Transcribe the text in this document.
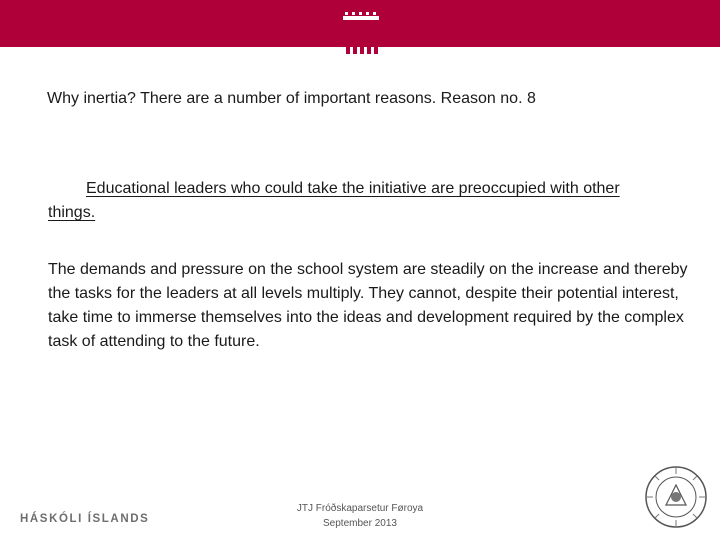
Why inertia? There are a number of important reasons. Reason no. 8
Educational leaders who could take the initiative are preoccupied with other things.
The demands and pressure on the school system are steadily on the increase and thereby the tasks for the leaders at all levels multiply. They cannot, despite their potential interest, take time to immerse themselves into the ideas and development required by the complex task of attending to the future.
HÁSKÓLI ÍSLANDS
JTJ Fróðskaparsetur Føroya
September 2013
